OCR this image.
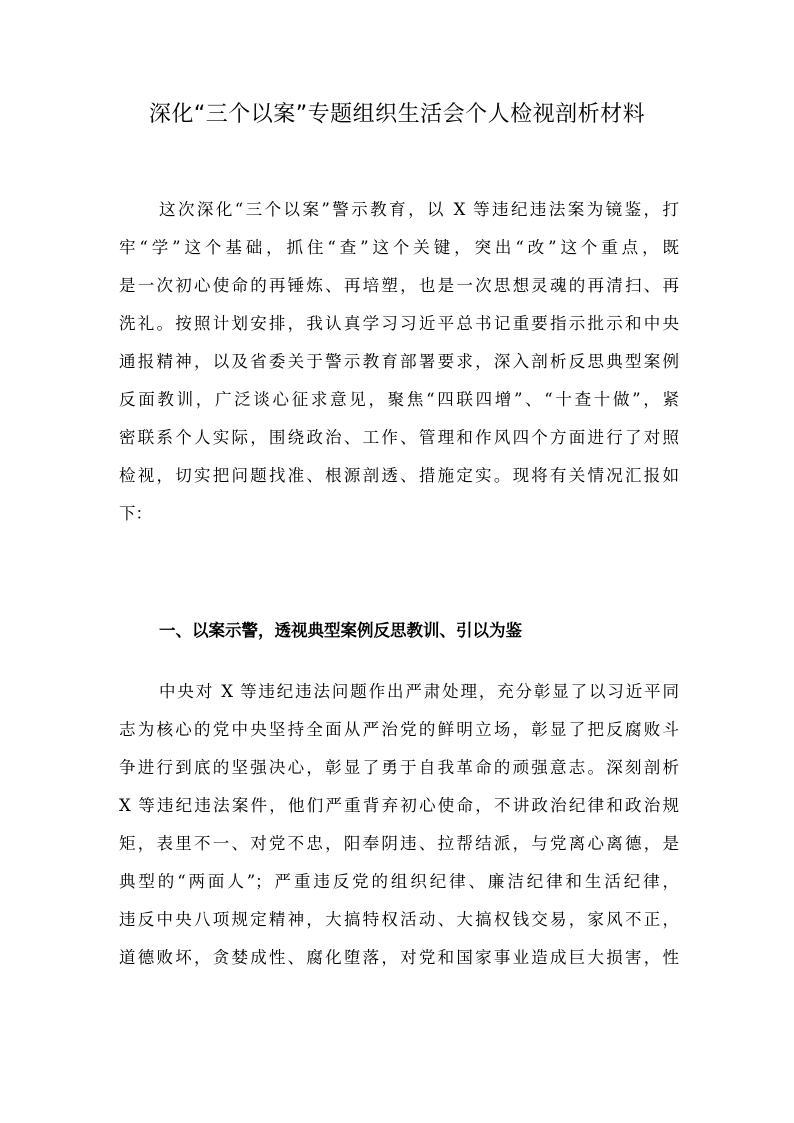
深化“三个以案”专题组织生活会个人检视剖析材料
这次深化“三个以案”警示教育，以 X 等违纪违法案为镜鉴，打
牢“学”这个基础，抓住“查”这个关键，突出“改”这个重点，既
是一次初心使命的再锤炼、再培塑，也是一次思想灵魂的再清扫、再
洗礼。按照计划安排，我认真学习习近平总书记重要指示批示和中央
通报精神，以及省委关于警示教育部署要求，深入剖析反思典型案例
反面教训，广泛谈心征求意见，聚焦“四联四增”、“十查十做”，紧
密联系个人实际，围绕政治、工作、管理和作风四个方面进行了对照
检视，切实把问题找准、根源剖透、措施定实。现将有关情况汇报如
下：
一、以案示警，透视典型案例反思教训、引以为鉴
中央对 X 等违纪违法问题作出严肃处理，充分彰显了以习近平同
志为核心的党中央坚持全面从严治党的鲜明立场，彰显了把反腐败斗
争进行到底的坚强决心，彰显了勇于自我革命的顽强意志。深刻剖析
X 等违纪违法案件，他们严重背弃初心使命，不讲政治纪律和政治规
矩，表里不一、对党不忠，阳奉阴违、拉帮结派，与党离心离德，是
典型的“两面人”；严重违反党的组织纪律、廉洁纪律和生活纪律，
违反中央八项规定精神，大搞特权活动、大搞权钱交易，家风不正，
道德败坏，贪婪成性、腐化堕落，对党和国家事业造成巨大损害，性
